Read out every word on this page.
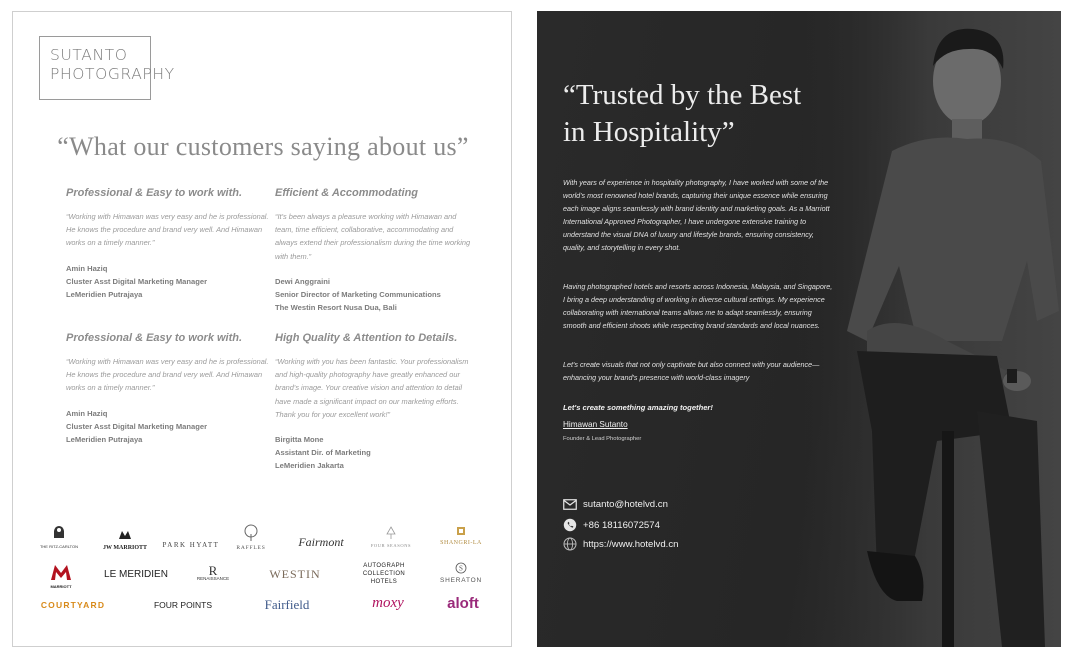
SUTANTO
PHOTOGRAPHY
“What our customers saying about us”
Professional & Easy to work with.
“Working with Himawan was very easy and he is professional. He knows the procedure and brand very well. And Himawan works on a timely manner.”
Amin Haziq
Cluster Asst Digital Marketing Manager
LeMeridien Putrajaya
Efficient & Accommodating
“It's been always a pleasure working with Himawan and team, time efficient, collaborative, accommodating and always extend their professionalism during the time working with them.”
Dewi Anggraini
Senior Director of Marketing Communications
The Westin Resort Nusa Dua, Bali
Professional & Easy to work with.
“Working with Himawan was very easy and he is professional. He knows the procedure and brand very well. And Himawan works on a timely manner.”
Amin Haziq
Cluster Asst Digital Marketing Manager
LeMeridien Putrajaya
High Quality & Attention to Details.
“Working with you has been fantastic. Your professionalism and high-quality photography have greatly enhanced our brand's image. Your creative vision and attention to detail have made a significant impact on our marketing efforts. Thank you for your excellent work!”
Birgitta Mone
Assistant Dir. of Marketing
LeMeridien Jakarta
THE RITZ-CARLTON	JW MARRIOTT	PARK HYATT	RAFFLES	Fairmont	FOUR SEASONS	SHANGRI-LA
MARRIOTT
LE MERIDIEN	R
RENAISSANCE	WESTIN
AUTOGRAPH COLLECTION HOTELS
S
SHERATON
COURTYARD	FOUR POINTS	Fairfield	moxy	aloft
“Trusted by the Best
in Hospitality”
With years of experience in hospitality photography, I have worked with some of the world's most renowned hotel brands, capturing their unique essence while ensuring each image aligns seamlessly with brand identity and marketing goals. As a Marriott International Approved Photographer, I have undergone extensive training to understand the visual DNA of luxury and lifestyle brands, ensuring consistency, quality, and storytelling in every shot.
Having photographed hotels and resorts across Indonesia, Malaysia, and Singapore, I bring a deep understanding of working in diverse cultural settings. My experience collaborating with international teams allows me to adapt seamlessly, ensuring smooth and efficient shoots while respecting brand standards and local nuances.
Let's create visuals that not only captivate but also connect with your audience—enhancing your brand's presence with world-class imagery
Let's create something amazing together!
Himawan Sutanto
Founder & Lead Photographer
sutanto@hotelvd.cn
+86 18116072574
https://www.hotelvd.cn
